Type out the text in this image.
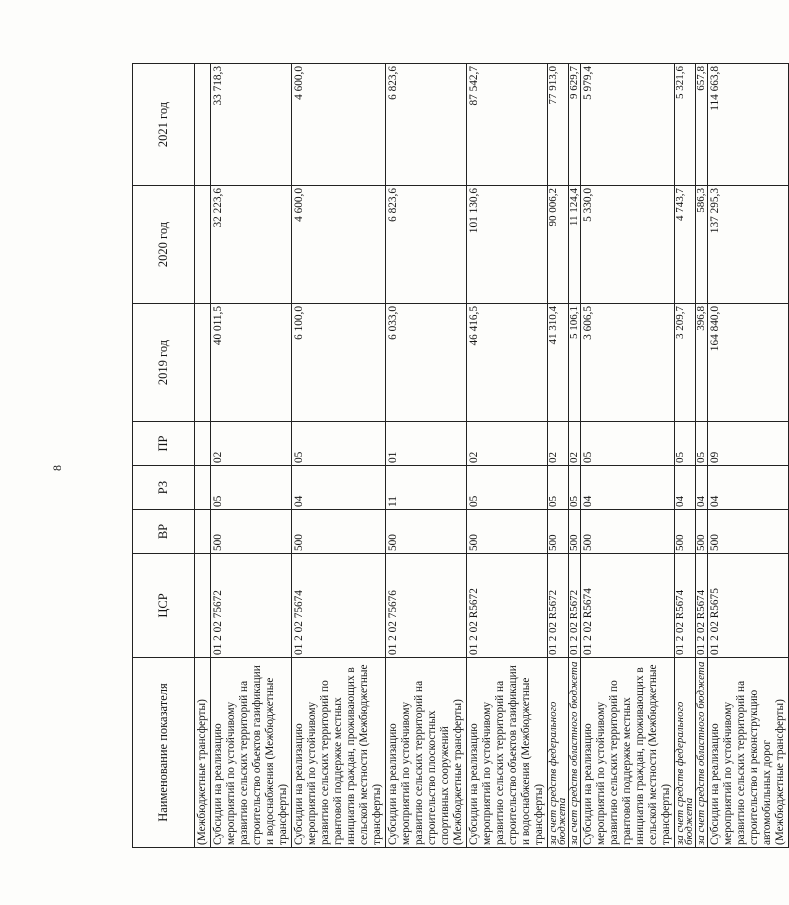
8
Наименование показателя	ЦСР	ВР	РЗ	ПР	2019 год	2020 год	2021 год
(Межбюджетные трансферты)							
Субсидии на реализацию мероприятий по устойчивому развитию сельских территорий на строительство объектов газификации и водоснабжения (Межбюджетные трансферты)	01 2 02 75672	500	05	02	40 011,5	32 223,6	33 718,3
Субсидии на реализацию мероприятий по устойчивому развитию сельских территорий по грантовой поддержке местных инициатив граждан, проживающих в сельской местности (Межбюджетные трансферты)	01 2 02 75674	500	04	05	6 100,0	4 600,0	4 600,0
Субсидии на реализацию мероприятий по устойчивому развитию сельских территорий на строительство плоскостных спортивных сооружений (Межбюджетные трансферты)	01 2 02 75676	500	11	01	6 033,0	6 823,6	6 823,6
Субсидии на реализацию мероприятий по устойчивому развитию сельских территорий на строительство объектов газификации и водоснабжения (Межбюджетные трансферты)	01 2 02 R5672	500	05	02	46 416,5	101 130,6	87 542,7
за счет средств федерального бюджета	01 2 02 R5672	500	05	02	41 310,4	90 006,2	77 913,0
за счет средств областного бюджета	01 2 02 R5672	500	05	02	5 106,1	11 124,4	9 629,7
Субсидии на реализацию мероприятий по устойчивому развитию сельских территорий по грантовой поддержке местных инициатив граждан, проживающих в сельской местности (Межбюджетные трансферты)	01 2 02 R5674	500	04	05	3 606,5	5 330,0	5 979,4
за счет средств федерального бюджета	01 2 02 R5674	500	04	05	3 209,7	4 743,7	5 321,6
за счет средств областного бюджета	01 2 02 R5674	500	04	05	396,8	586,3	657,8
Субсидии на реализацию мероприятий по устойчивому развитию сельских территорий на строительство и реконструкцию автомобильных дорог (Межбюджетные трансферты)	01 2 02 R5675	500	04	09	164 840,0	137 295,3	114 663,8
